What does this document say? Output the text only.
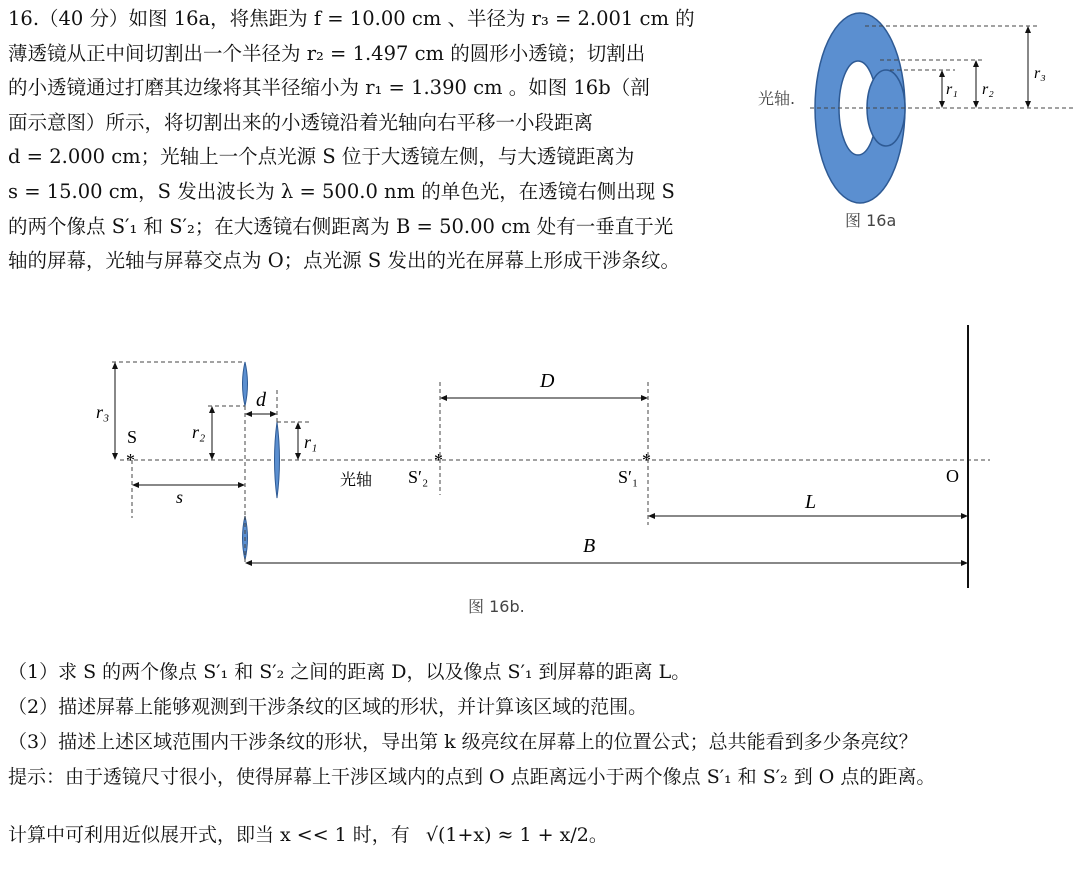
16.（40 分）如图 16a，将焦距为 f = 10.00 cm 、半径为 r₃ = 2.001 cm 的
薄透镜从正中间切割出一个半径为 r₂ = 1.497 cm 的圆形小透镜；切割出
的小透镜通过打磨其边缘将其半径缩小为 r₁ = 1.390 cm 。如图 16b（剖
面示意图）所示，将切割出来的小透镜沿着光轴向右平移一小段距离
d = 2.000 cm；光轴上一个点光源 S 位于大透镜左侧，与大透镜距离为
s = 15.00 cm，S 发出波长为 λ = 500.0 nm 的单色光，在透镜右侧出现 S
的两个像点 S′₁ 和 S′₂；在大透镜右侧距离为 B = 50.00 cm 处有一垂直于光
轴的屏幕，光轴与屏幕交点为 O；点光源 S 发出的光在屏幕上形成干涉条纹。
r₁ r₂
r₃
光轴.
图 16a
*	*	*
r₃
r₂	r₁
S
d
s
光轴 S′₂	S′₁	O
D
L
B
图 16b.
（1）求 S 的两个像点 S′₁ 和 S′₂ 之间的距离 D，以及像点 S′₁ 到屏幕的距离 L。
（2）描述屏幕上能够观测到干涉条纹的区域的形状，并计算该区域的范围。
（3）描述上述区域范围内干涉条纹的形状，导出第 k 级亮纹在屏幕上的位置公式；总共能看到多少条亮纹？
提示：由于透镜尺寸很小，使得屏幕上干涉区域内的点到 O 点距离远小于两个像点 S′₁ 和 S′₂ 到 O 点的距离。
计算中可利用近似展开式，即当 x << 1 时，有 √(1+x) ≈ 1 + x/2。
